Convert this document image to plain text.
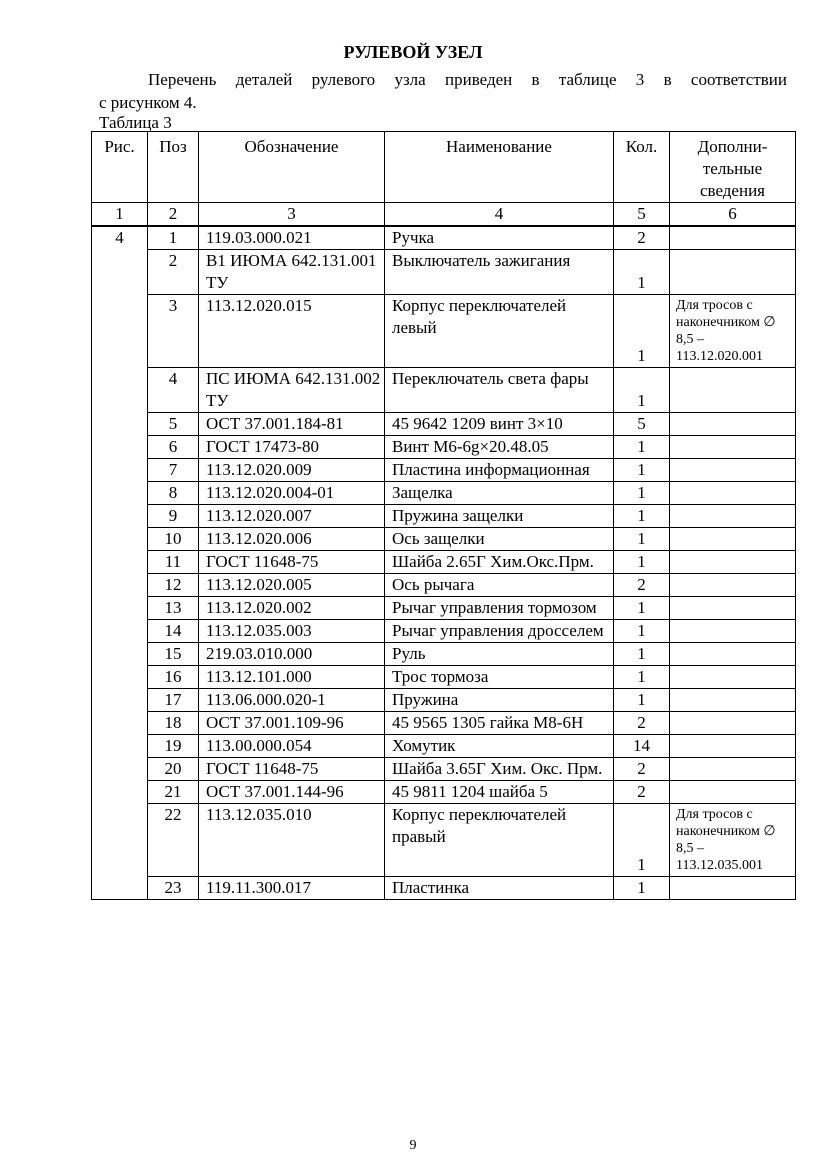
РУЛЕВОЙ УЗЕЛ
Перечень деталей рулевого узла приведен в таблице 3 в соответствии
с рисунком 4.
Таблица 3
Рис.	Поз	Обозначение	Наименование	Кол.	Дополни-тельные сведения
1	2	3	4	5	6
4	1	119.03.000.021	Ручка	2	
	2	В1 ИЮМА 642.131.001 ТУ	Выключатель зажигания	1	
	3	113.12.020.015	Корпус переключателей левый	1	Для тросов с наконечником ∅ 8,5 – 113.12.020.001
	4	ПС ИЮМА 642.131.002 ТУ	Переключатель света фары	1	
	5	ОСТ 37.001.184-81	45 9642 1209 винт 3×10	5	
	6	ГОСТ 17473-80	Винт М6-6g×20.48.05	1	
	7	113.12.020.009	Пластина информационная	1	
	8	113.12.020.004-01	Защелка	1	
	9	113.12.020.007	Пружина защелки	1	
	10	113.12.020.006	Ось защелки	1	
	11	ГОСТ 11648-75	Шайба 2.65Г Хим.Окс.Прм.	1	
	12	113.12.020.005	Ось рычага	2	
	13	113.12.020.002	Рычаг управления тормозом	1	
	14	113.12.035.003	Рычаг управления дросселем	1	
	15	219.03.010.000	Руль	1	
	16	113.12.101.000	Трос тормоза	1	
	17	113.06.000.020-1	Пружина	1	
	18	ОСТ 37.001.109-96	45 9565 1305 гайка М8-6Н	2	
	19	113.00.000.054	Хомутик	14	
	20	ГОСТ 11648-75	Шайба 3.65Г Хим. Окс. Прм.	2	
	21	ОСТ 37.001.144-96	45 9811 1204 шайба 5	2	
	22	113.12.035.010	Корпус переключателей правый	1	Для тросов с наконечником ∅ 8,5 – 113.12.035.001
	23	119.11.300.017	Пластинка	1	
9
